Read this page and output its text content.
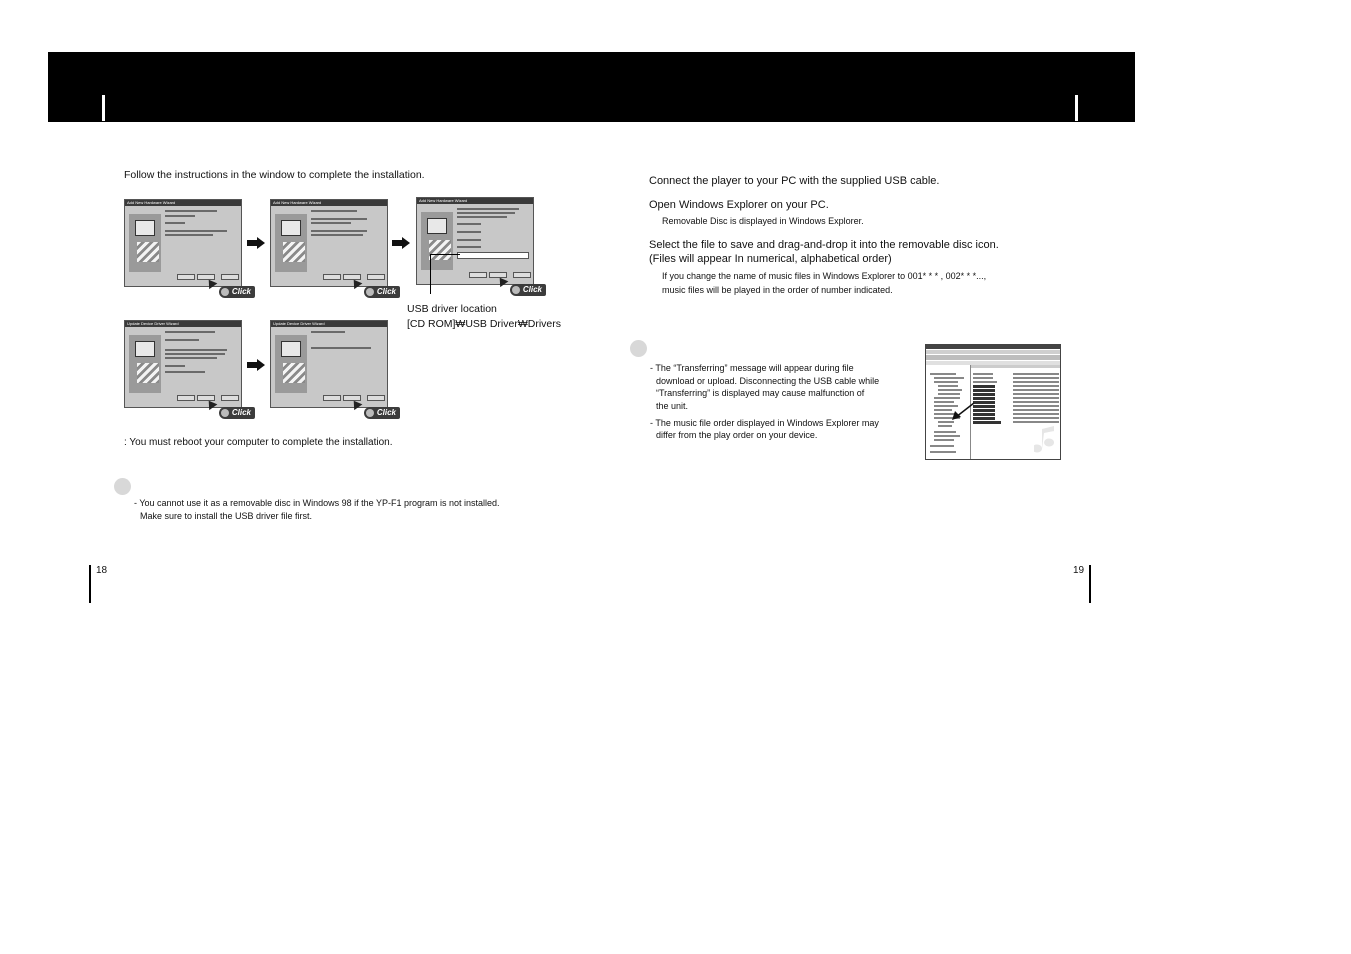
Follow the instructions in the window to complete the installation.
Add New Hardware Wizard
Click
Add New Hardware Wizard
Click
Add New Hardware Wizard
Click
USB driver location
[CD ROM]₩USB Driver₩Drivers
Update Device Driver Wizard
Click
Update Device Driver Wizard
Click
: You must reboot your computer to complete the installation.
- You cannot use it as a removable disc in Windows 98 if the YP-F1 program is not installed.
Make sure to install the USB driver file first.
18
Connect the player to your PC with the supplied USB cable.
Open Windows Explorer on your PC.
Removable Disc is displayed in Windows Explorer.
Select the file to save and drag-and-drop it into the removable disc icon.
(Files will appear In numerical, alphabetical order)
If you change the name of music files in Windows Explorer to 001* * * , 002* * *...,
music files will be played in the order of number indicated.
- The “Transferring” message will appear during file
download or upload. Disconnecting the USB cable while
“Transferring” is displayed may cause malfunction of
the unit.
- The music file order displayed in Windows Explorer may
differ from the play order on your device.
19
